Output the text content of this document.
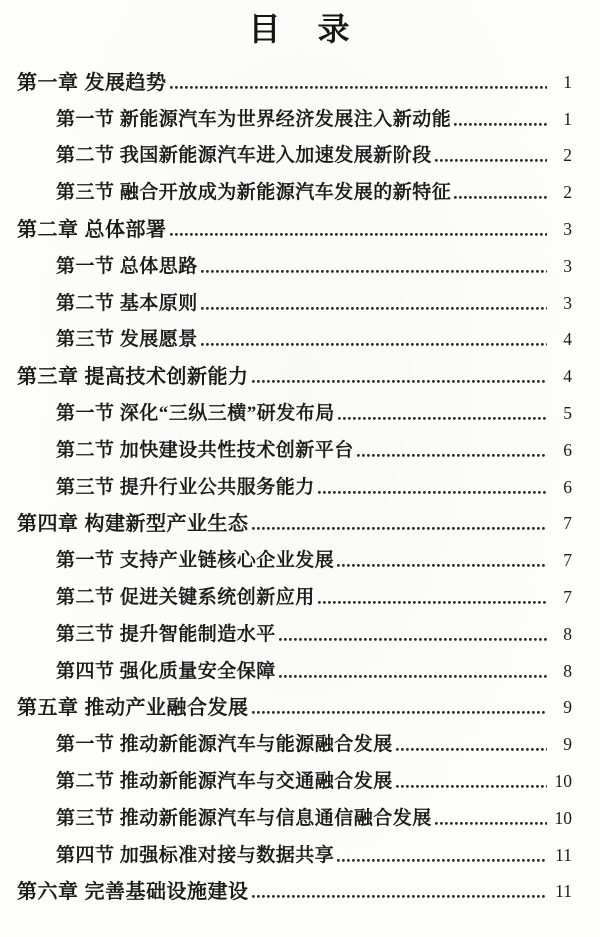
目 录
第一章 发展趋势	1
第一节 新能源汽车为世界经济发展注入新动能	1
第二节 我国新能源汽车进入加速发展新阶段	2
第三节 融合开放成为新能源汽车发展的新特征	2
第二章 总体部署	3
第一节 总体思路	3
第二节 基本原则	3
第三节 发展愿景	4
第三章 提高技术创新能力	4
第一节 深化“三纵三横”研发布局	5
第二节 加快建设共性技术创新平台	6
第三节 提升行业公共服务能力	6
第四章 构建新型产业生态	7
第一节 支持产业链核心企业发展	7
第二节 促进关键系统创新应用	7
第三节 提升智能制造水平	8
第四节 强化质量安全保障	8
第五章 推动产业融合发展	9
第一节 推动新能源汽车与能源融合发展	9
第二节 推动新能源汽车与交通融合发展	10
第三节 推动新能源汽车与信息通信融合发展	10
第四节 加强标准对接与数据共享	11
第六章 完善基础设施建设	11
